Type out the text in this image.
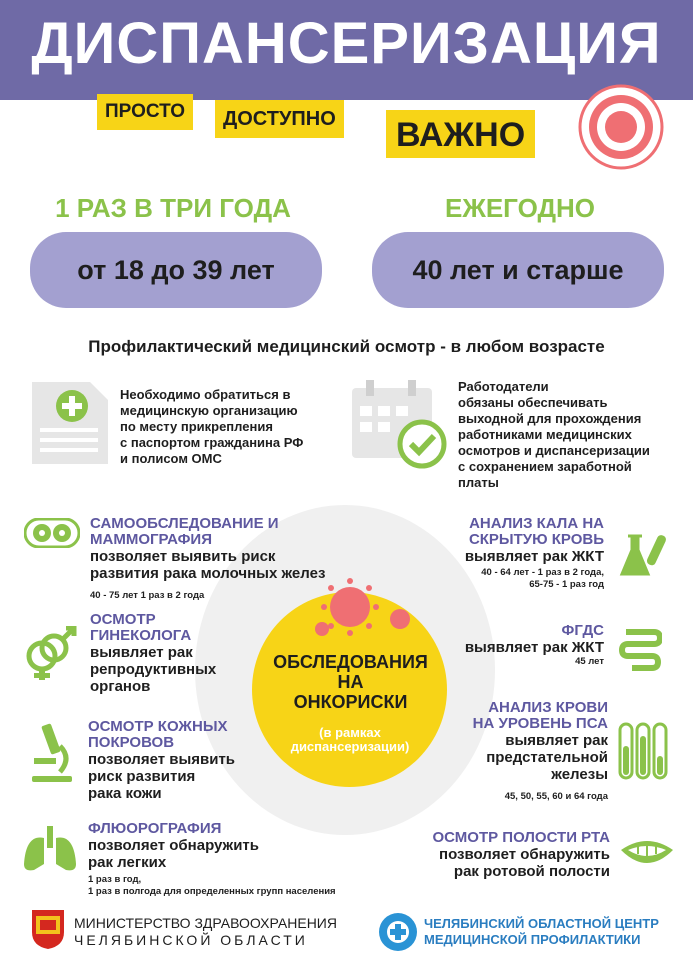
ДИСПАНСЕРИЗАЦИЯ
ПРОСТО	ДОСТУПНО ВАЖНО
1 РАЗ В ТРИ ГОДА	ЕЖЕГОДНО
от 18 до 39 лет	40 лет и старше
Профилактический медицинский осмотр - в любом возрасте
Необходимо обратиться в
медицинскую организацию
по месту прикрепления
с паспортом гражданина РФ
и полисом ОМС
Работодатели
обязаны обеспечивать
выходной для прохождения
работниками медицинских
осмотров и диспансеризации
с сохранением заработной
платы
ОБСЛЕДОВАНИЯ
НА
ОНКОРИСКИ
(в рамках
диспансеризации)
САМООБСЛЕДОВАНИЕ И
МАММОГРАФИЯ
позволяет выявить риск
развития рака молочных желез
40 - 75 лет 1 раз в 2 года
ОСМОТР
ГИНЕКОЛОГА
выявляет рак
репродуктивных
органов
ОСМОТР КОЖНЫХ
ПОКРОВОВ
позволяет выявить
риск развития
рака кожи
ФЛЮОРОГРАФИЯ
позволяет обнаружить
рак легких
1 раз в год,
1 раз в полгода для определенных групп населения
АНАЛИЗ КАЛА НА
СКРЫТУЮ КРОВЬ
выявляет рак ЖКТ
40 - 64 лет - 1 раз в 2 года,
65-75 - 1 раз год
ФГДС
выявляет рак ЖКТ
45 лет
АНАЛИЗ КРОВИ
НА УРОВЕНЬ ПСА
выявляет рак
предстательной
железы
45, 50, 55, 60 и 64 года
ОСМОТР ПОЛОСТИ РТА
позволяет обнаружить
рак ротовой полости
МИНИСТЕРСТВО ЗДРАВООХРАНЕНИЯ
ЧЕЛЯБИНСКОЙ ОБЛАСТИ
ЧЕЛЯБИНСКИЙ ОБЛАСТНОЙ ЦЕНТР
МЕДИЦИНСКОЙ ПРОФИЛАКТИКИ
